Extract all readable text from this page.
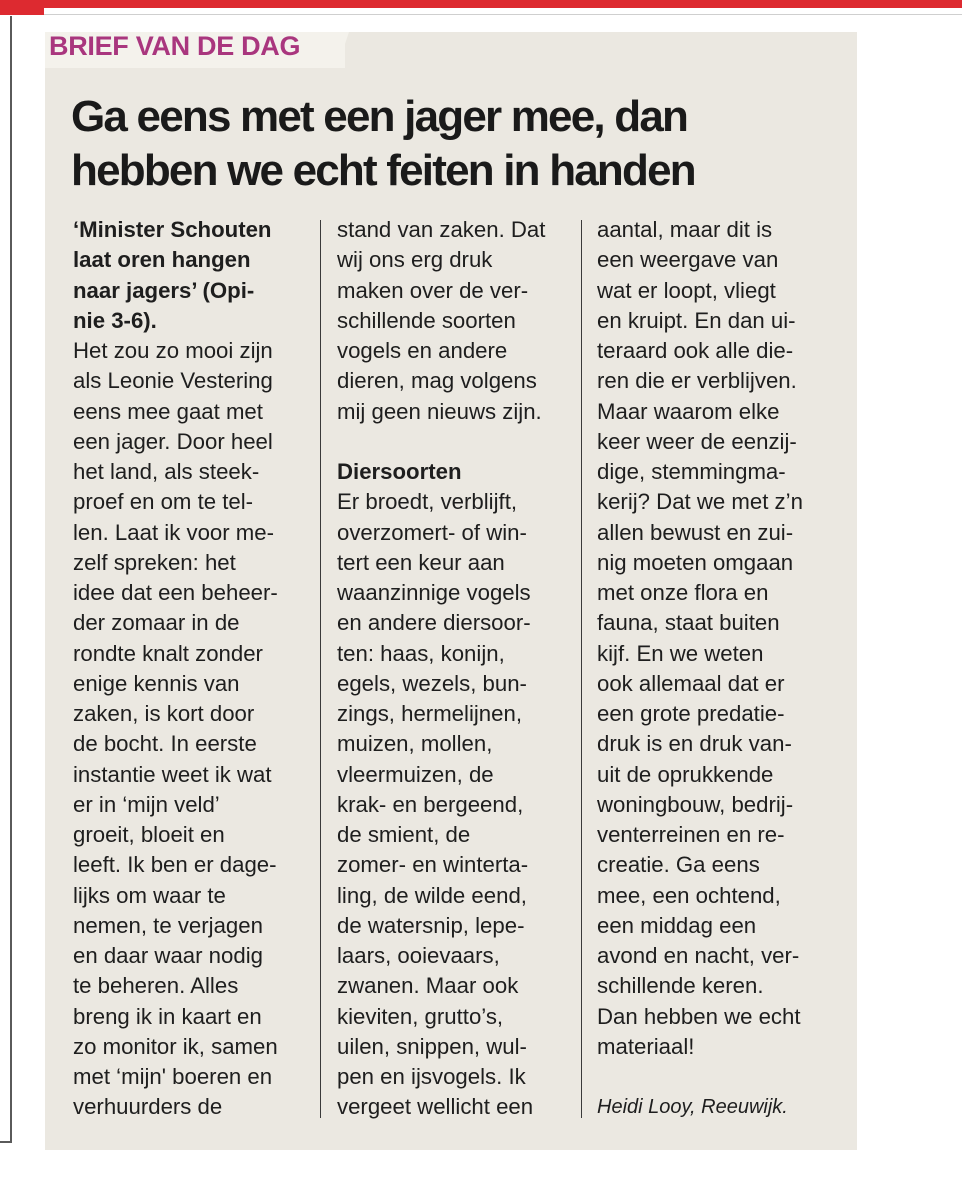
BRIEF VAN DE DAG
Ga eens met een jager mee, dan
hebben we echt feiten in handen
‘Minister Schouten
laat oren hangen
naar jagers’ (Opi-
nie 3-6).
Het zou zo mooi zijn
als Leonie Vestering
eens mee gaat met
een jager. Door heel
het land, als steek-
proef en om te tel-
len. Laat ik voor me-
zelf spreken: het
idee dat een beheer-
der zomaar in de
rondte knalt zonder
enige kennis van
zaken, is kort door
de bocht. In eerste
instantie weet ik wat
er in ‘mijn veld’
groeit, bloeit en
leeft. Ik ben er dage-
lijks om waar te
nemen, te verjagen
en daar waar nodig
te beheren. Alles
breng ik in kaart en
zo monitor ik, samen
met ‘mijn' boeren en
verhuurders de
stand van zaken. Dat
wij ons erg druk
maken over de ver-
schillende soorten
vogels en andere
dieren, mag volgens
mij geen nieuws zijn.
Diersoorten
Er broedt, verblijft,
overzomert- of win-
tert een keur aan
waanzinnige vogels
en andere diersoor-
ten: haas, konijn,
egels, wezels, bun-
zings, hermelijnen,
muizen, mollen,
vleermuizen, de
krak- en bergeend,
de smient, de
zomer- en winterta-
ling, de wilde eend,
de watersnip, lepe-
laars, ooievaars,
zwanen. Maar ook
kieviten, grutto’s,
uilen, snippen, wul-
pen en ijsvogels. Ik
vergeet wellicht een
aantal, maar dit is
een weergave van
wat er loopt, vliegt
en kruipt. En dan ui-
teraard ook alle die-
ren die er verblijven.
Maar waarom elke
keer weer de eenzij-
dige, stemmingma-
kerij? Dat we met z’n
allen bewust en zui-
nig moeten omgaan
met onze flora en
fauna, staat buiten
kijf. En we weten
ook allemaal dat er
een grote predatie-
druk is en druk van-
uit de oprukkende
woningbouw, bedrij-
venterreinen en re-
creatie. Ga eens
mee, een ochtend,
een middag een
avond en nacht, ver-
schillende keren.
Dan hebben we echt
materiaal!
Heidi Looy, Reeuwijk.
